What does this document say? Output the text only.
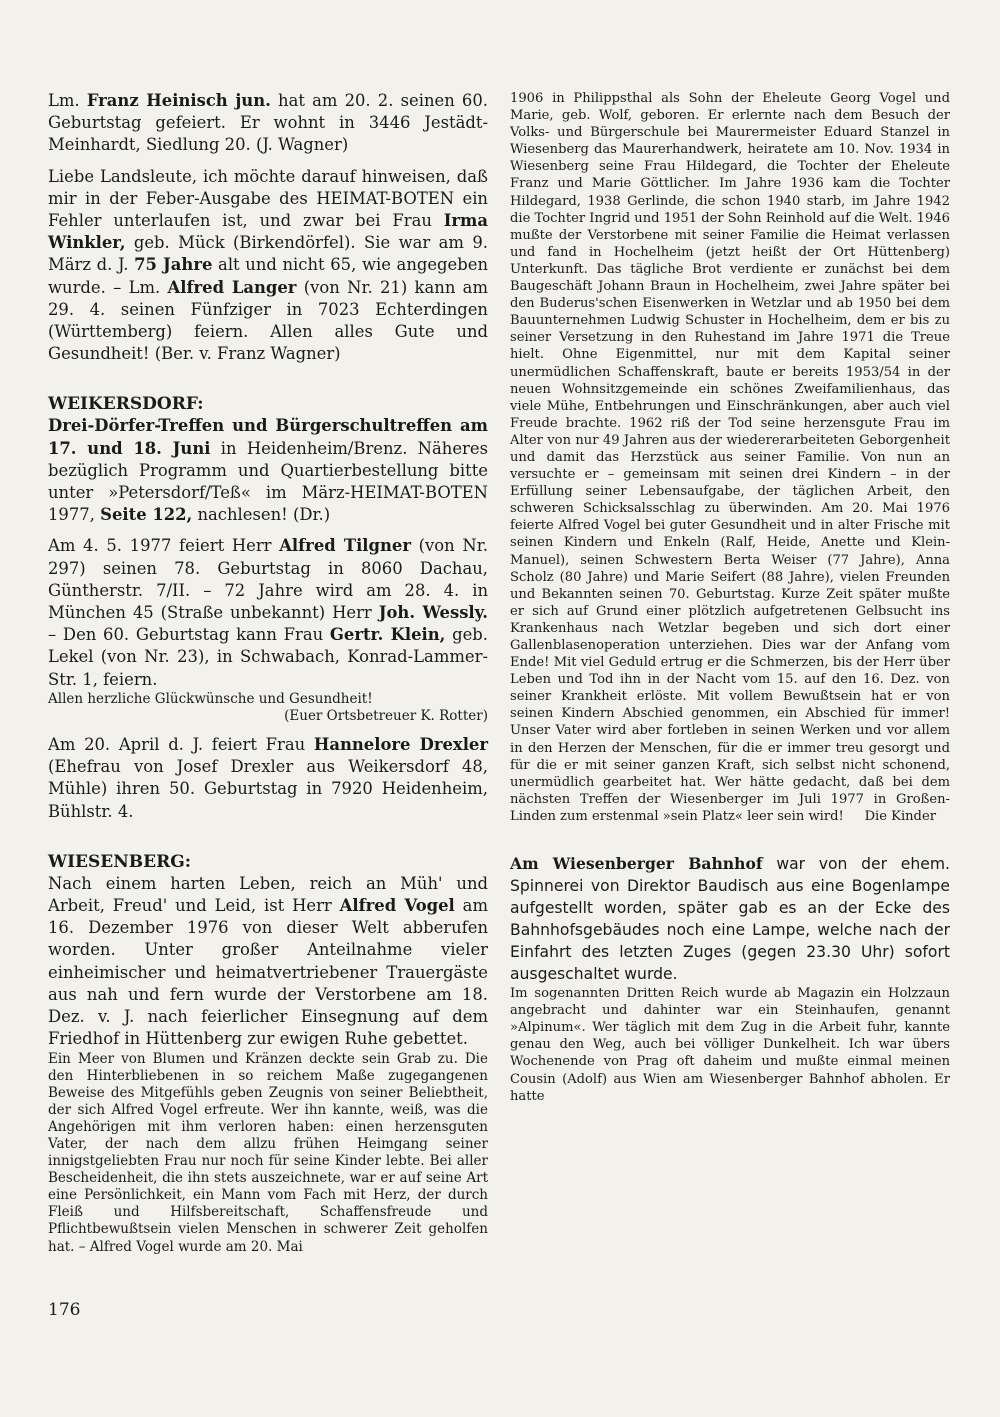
Lm. Franz Heinisch jun. hat am 20. 2. seinen 60. Geburtstag gefeiert. Er wohnt in 3446 Jestädt-Meinhardt, Siedlung 20. (J. Wagner)

Liebe Landsleute, ich möchte darauf hinweisen, daß mir in der Feber-Ausgabe des HEIMAT-BOTEN ein Fehler unterlaufen ist, und zwar bei Frau Irma Winkler, geb. Mück (Birkendörfel). Sie war am 9. März d. J. 75 Jahre alt und nicht 65, wie angegeben wurde. – Lm. Alfred Langer (von Nr. 21) kann am 29. 4. seinen Fünfziger in 7023 Echterdingen (Württemberg) feiern. Allen alles Gute und Gesundheit! (Ber. v. Franz Wagner)

WEIKERSDORF:

Drei-Dörfer-Treffen und Bürgerschultreffen am 17. und 18. Juni in Heidenheim/Brenz. Näheres bezüglich Programm und Quartierbestellung bitte unter »Petersdorf/Teß« im März-HEIMAT-BOTEN 1977, Seite 122, nachlesen! (Dr.)

Am 4. 5. 1977 feiert Herr Alfred Tilgner (von Nr. 297) seinen 78. Geburtstag in 8060 Dachau, Güntherstr. 7/II. – 72 Jahre wird am 28. 4. in München 45 (Straße unbekannt) Herr Joh. Wessly. – Den 60. Geburtstag kann Frau Gertr. Klein, geb. Lekel (von Nr. 23), in Schwabach, Konrad-Lammer-Str. 1, feiern.

Allen herzliche Glückwünsche und Gesundheit!

(Euer Ortsbetreuer K. Rotter)

Am 20. April d. J. feiert Frau Hannelore Drexler (Ehefrau von Josef Drexler aus Weikersdorf 48, Mühle) ihren 50. Geburtstag in 7920 Heidenheim, Bühlstr. 4.

WIESENBERG:

Nach einem harten Leben, reich an Müh' und Arbeit, Freud' und Leid, ist Herr Alfred Vogel am 16. Dezember 1976 von dieser Welt abberufen worden. Unter großer Anteilnahme vieler einheimischer und heimatvertriebener Trauergäste aus nah und fern wurde der Verstorbene am 18. Dez. v. J. nach feierlicher Einsegnung auf dem Friedhof in Hüttenberg zur ewigen Ruhe gebettet.

Ein Meer von Blumen und Kränzen deckte sein Grab zu. Die den Hinterbliebenen in so reichem Maße zugegangenen Beweise des Mitgefühls geben Zeugnis von seiner Beliebtheit, der sich Alfred Vogel erfreute. Wer ihn kannte, weiß, was die Angehörigen mit ihm verloren haben: einen herzensguten Vater, der nach dem allzu frühen Heimgang seiner innigstgeliebten Frau nur noch für seine Kinder lebte. Bei aller Bescheidenheit, die ihn stets auszeichnete, war er auf seine Art eine Persönlichkeit, ein Mann vom Fach mit Herz, der durch Fleiß und Hilfsbereitschaft, Schaffensfreude und Pflichtbewußtsein vielen Menschen in schwerer Zeit geholfen hat. – Alfred Vogel wurde am 20. Mai

1906 in Philippsthal als Sohn der Eheleute Georg Vogel und Marie, geb. Wolf, geboren. Er erlernte nach dem Besuch der Volks- und Bürgerschule bei Maurermeister Eduard Stanzel in Wiesenberg das Maurerhandwerk, heiratete am 10. Nov. 1934 in Wiesenberg seine Frau Hildegard, die Tochter der Eheleute Franz und Marie Göttlicher. Im Jahre 1936 kam die Tochter Hildegard, 1938 Gerlinde, die schon 1940 starb, im Jahre 1942 die Tochter Ingrid und 1951 der Sohn Reinhold auf die Welt. 1946 mußte der Verstorbene mit seiner Familie die Heimat verlassen und fand in Hochelheim (jetzt heißt der Ort Hüttenberg) Unterkunft. Das tägliche Brot verdiente er zunächst bei dem Baugeschäft Johann Braun in Hochelheim, zwei Jahre später bei den Buderus'schen Eisenwerken in Wetzlar und ab 1950 bei dem Bauunternehmen Ludwig Schuster in Hochelheim, dem er bis zu seiner Versetzung in den Ruhestand im Jahre 1971 die Treue hielt. Ohne Eigenmittel, nur mit dem Kapital seiner unermüdlichen Schaffenskraft, baute er bereits 1953/54 in der neuen Wohnsitzgemeinde ein schönes Zweifamilienhaus, das viele Mühe, Entbehrungen und Einschränkungen, aber auch viel Freude brachte. 1962 riß der Tod seine herzensgute Frau im Alter von nur 49 Jahren aus der wiedererarbeiteten Geborgenheit und damit das Herzstück aus seiner Familie. Von nun an versuchte er – gemeinsam mit seinen drei Kindern – in der Erfüllung seiner Lebensaufgabe, der täglichen Arbeit, den schweren Schicksalsschlag zu überwinden. Am 20. Mai 1976 feierte Alfred Vogel bei guter Gesundheit und in alter Frische mit seinen Kindern und Enkeln (Ralf, Heide, Anette und Klein-Manuel), seinen Schwestern Berta Weiser (77 Jahre), Anna Scholz (80 Jahre) und Marie Seifert (88 Jahre), vielen Freunden und Bekannten seinen 70. Geburtstag. Kurze Zeit später mußte er sich auf Grund einer plötzlich aufgetretenen Gelbsucht ins Krankenhaus nach Wetzlar begeben und sich dort einer Gallenblasenoperation unterziehen. Dies war der Anfang vom Ende! Mit viel Geduld ertrug er die Schmerzen, bis der Herr über Leben und Tod ihn in der Nacht vom 15. auf den 16. Dez. von seiner Krankheit erlöste. Mit vollem Bewußtsein hat er von seinen Kindern Abschied genommen, ein Abschied für immer! Unser Vater wird aber fortleben in seinen Werken und vor allem in den Herzen der Menschen, für die er immer treu gesorgt und für die er mit seiner ganzen Kraft, sich selbst nicht schonend, unermüdlich gearbeitet hat. Wer hätte gedacht, daß bei dem nächsten Treffen der Wiesenberger im Juli 1977 in Großen-Linden zum erstenmal »sein Platz« leer sein wird! Die Kinder

Am Wiesenberger Bahnhof war von der ehem. Spinnerei von Direktor Baudisch aus eine Bogenlampe aufgestellt worden, später gab es an der Ecke des Bahnhofsgebäudes noch eine Lampe, welche nach der Einfahrt des letzten Zuges (gegen 23.30 Uhr) sofort ausgeschaltet wurde.

Im sogenannten Dritten Reich wurde ab Magazin ein Holzzaun angebracht und dahinter war ein Steinhaufen, genannt »Alpinum«. Wer täglich mit dem Zug in die Arbeit fuhr, kannte genau den Weg, auch bei völliger Dunkelheit. Ich war übers Wochenende von Prag oft daheim und mußte einmal meinen Cousin (Adolf) aus Wien am Wiesenberger Bahnhof abholen. Er hatte

176
